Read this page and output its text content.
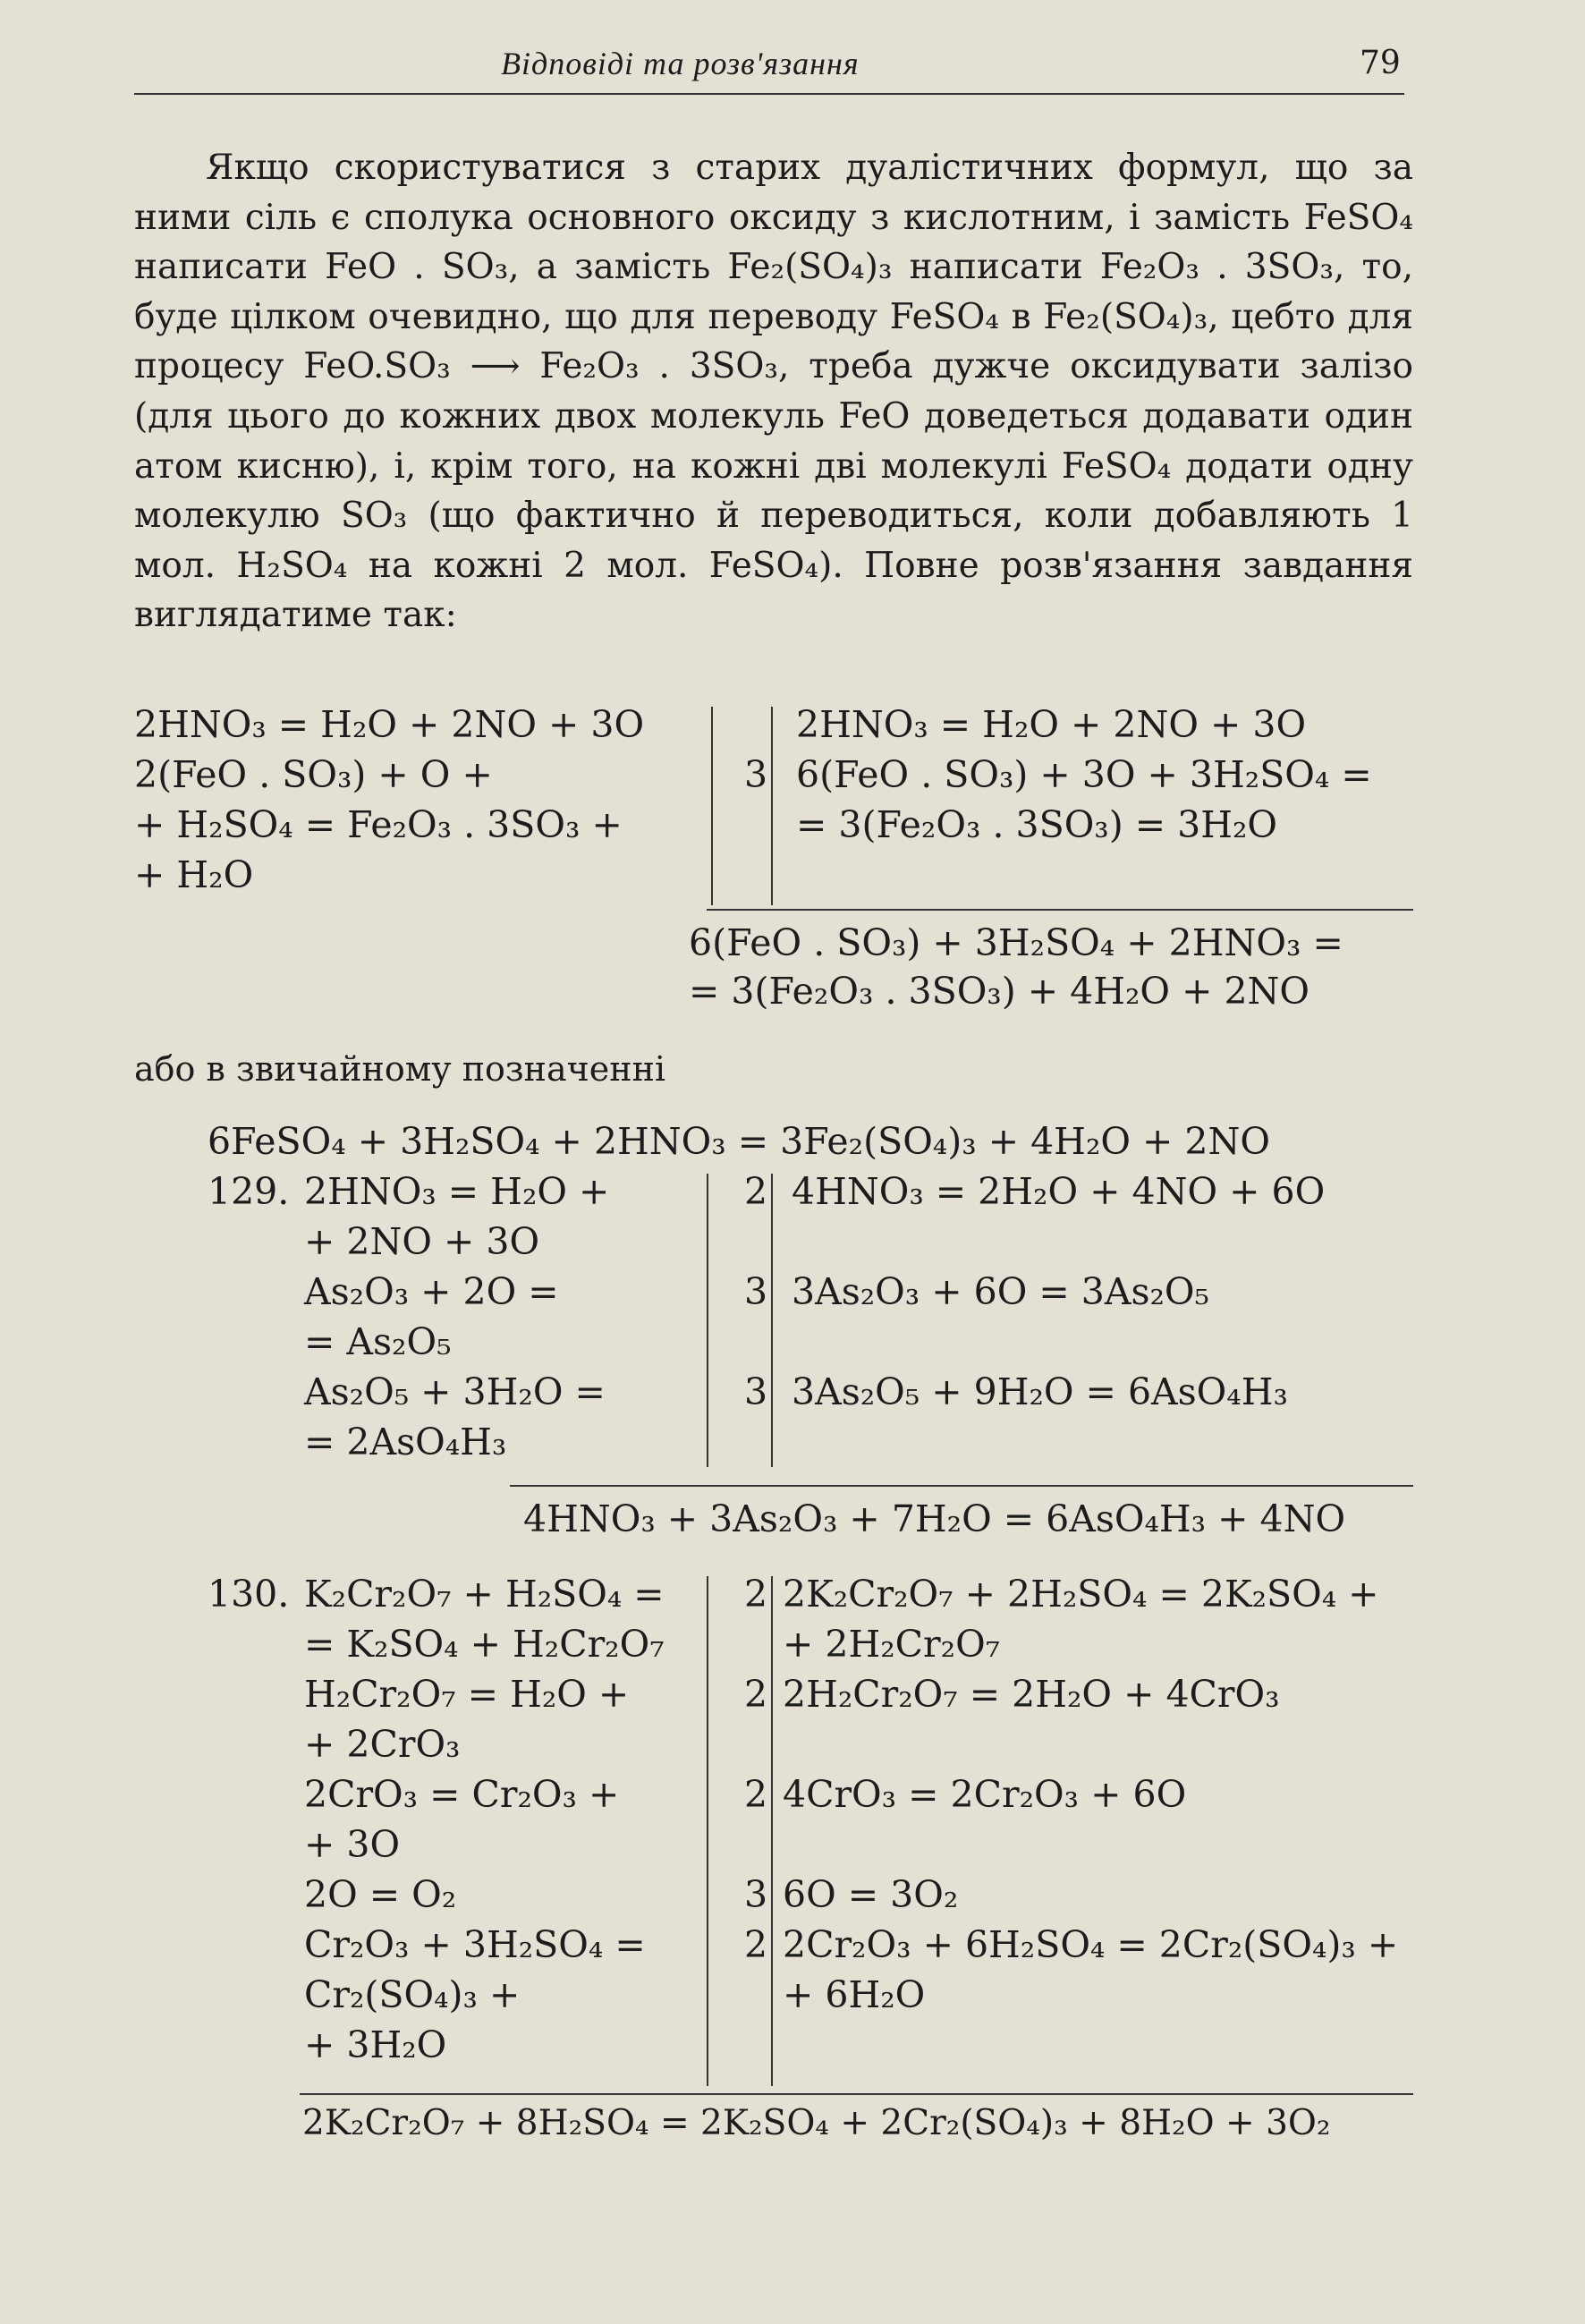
Відповіді та розв'язання	79

Якщо скористуватися з старих дуалістичних формул, що за ними сіль є сполука основного оксиду з кислотним, і замість FeSO₄ написати FeO . SO₃, а замість Fe₂(SO₄)₃ написати Fe₂O₃ . 3SO₃, то, буде цілком очевидно, що для переводу FeSO₄ в Fe₂(SO₄)₃, цебто для процесу FeO.SO₃ ⟶ Fe₂O₃ . 3SO₃, треба дужче оксидувати залізо (для цього до кожних двох молекуль FeO доведеться додавати один атом кисню), і, крім того, на кожні дві молекулі FeSO₄ додати одну молекулю SO₃ (що фактично й переводиться, коли добавляють 1 мол. H₂SO₄ на кожні 2 мол. FeSO₄). Повне розв'язання завдання виглядатиме так:

2HNO₃ = H₂O + 2NO + 3O
2(FeO . SO₃) + O +
+ H₂SO₄ = Fe₂O₃ . 3SO₃ +
+ H₂O
3
2HNO₃ = H₂O + 2NO + 3O
6(FeO . SO₃) + 3O + 3H₂SO₄ =
= 3(Fe₂O₃ . 3SO₃) = 3H₂O
6(FeO . SO₃) + 3H₂SO₄ + 2HNO₃ =
= 3(Fe₂O₃ . 3SO₃) + 4H₂O + 2NO
або в звичайному позначенні
6FeSO₄ + 3H₂SO₄ + 2HNO₃ = 3Fe₂(SO₄)₃ + 4H₂O + 2NO
129. 2HNO₃ = H₂O +
+ 2NO + 3O
As₂O₃ + 2O =
= As₂O₅
As₂O₅ + 3H₂O =
= 2AsO₄H₃
2
3
3
4HNO₃ = 2H₂O + 4NO + 6O
3As₂O₃ + 6O = 3As₂O₅
3As₂O₅ + 9H₂O = 6AsO₄H₃
4HNO₃ + 3As₂O₃ + 7H₂O = 6AsO₄H₃ + 4NO
130. K₂Cr₂O₇ + H₂SO₄ =
= K₂SO₄ + H₂Cr₂O₇
H₂Cr₂O₇ = H₂O +
+ 2CrO₃
2CrO₃ = Cr₂O₃ +
+ 3O
2O = O₂
Cr₂O₃ + 3H₂SO₄ =
Cr₂(SO₄)₃ +
+ 3H₂O
2
2
2
3
2
2K₂Cr₂O₇ + 2H₂SO₄ = 2K₂SO₄ +
+ 2H₂Cr₂O₇
2H₂Cr₂O₇ = 2H₂O + 4CrO₃
4CrO₃ = 2Cr₂O₃ + 6O
6O = 3O₂
2Cr₂O₃ + 6H₂SO₄ = 2Cr₂(SO₄)₃ +
+ 6H₂O
2K₂Cr₂O₇ + 8H₂SO₄ = 2K₂SO₄ + 2Cr₂(SO₄)₃ + 8H₂O + 3O₂
